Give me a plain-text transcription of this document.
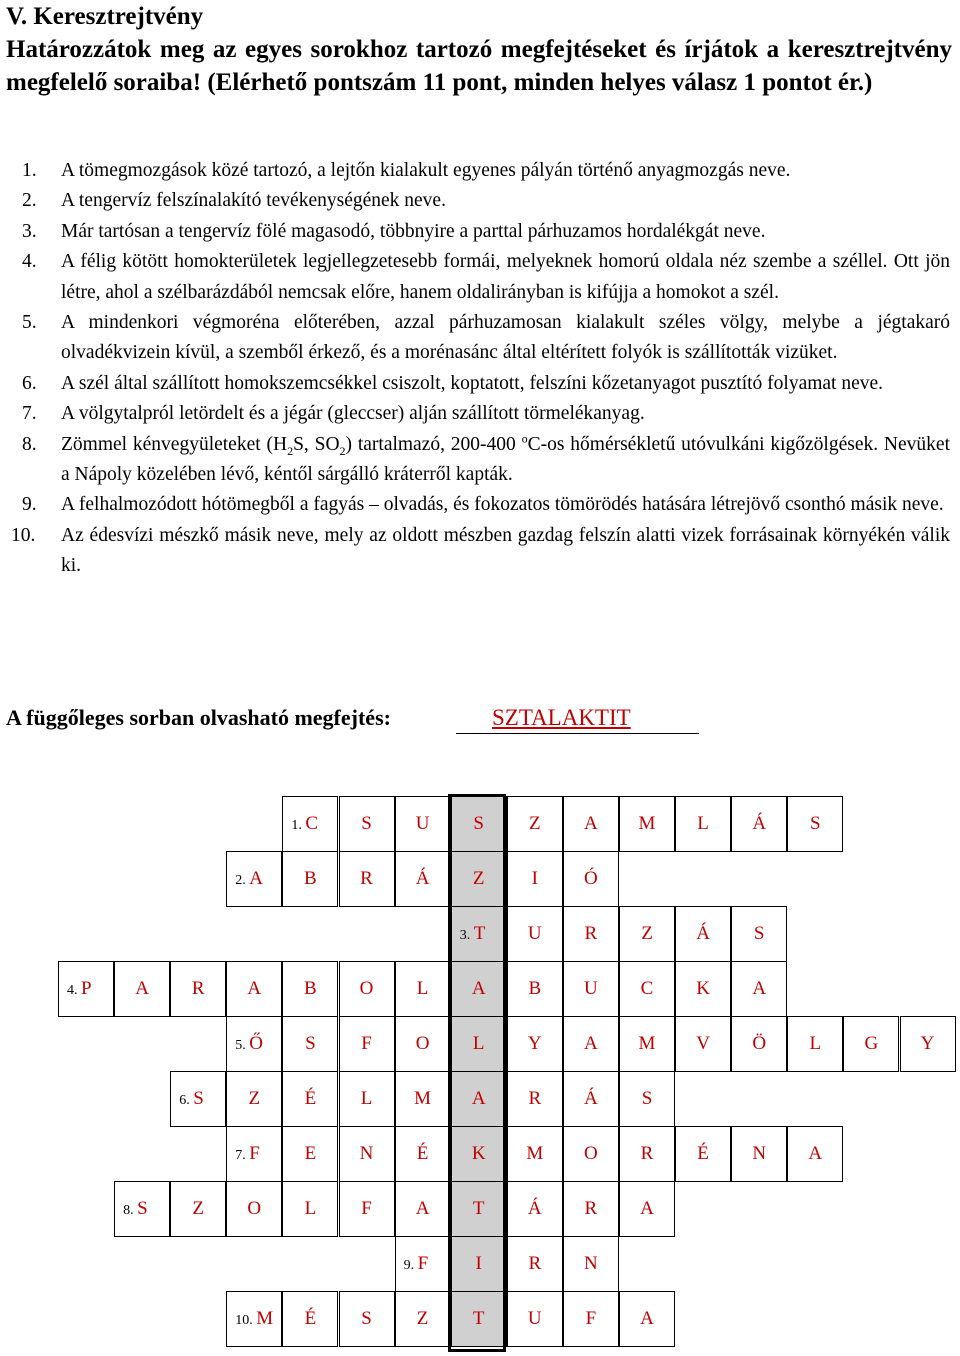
V. Keresztrejtvény
Határozzátok meg az egyes sorokhoz tartozó megfejtéseket és írjátok a keresztrejtvény megfelelő soraiba! (Elérhető pontszám 11 pont, minden helyes válasz 1 pontot ér.)
1.	A tömegmozgások közé tartozó, a lejtőn kialakult egyenes pályán történő anyagmozgás neve.
2.	A tengervíz felszínalakító tevékenységének neve.
3.	Már tartósan a tengervíz fölé magasodó, többnyire a parttal párhuzamos hordalékgát neve.
4.	A félig kötött homokterületek legjellegzetesebb formái, melyeknek homorú oldala néz szembe a széllel. Ott jön létre, ahol a szélbarázdából nemcsak előre, hanem oldalirányban is kifújja a homokot a szél.
5.	A mindenkori végmoréna előterében, azzal párhuzamosan kialakult széles völgy, melybe a jégtakaró olvadékvizein kívül, a szemből érkező, és a morénasánc által eltérített folyók is szállították vizüket.
6.	A szél által szállított homokszemcsékkel csiszolt, koptatott, felszíni kőzetanyagot pusztító folyamat neve.
7.	A völgytalpról letördelt és a jégár (gleccser) alján szállított törmelékanyag.
8.	Zömmel kénvegyületeket ($H_2S$, $SO_2$) tartalmazó, 200-400 $^o$C-os hőmérsékletű utóvulkáni kigőzölgések. Nevüket a Nápoly közelében lévő, kéntől sárgálló kráterről kapták.
9.	A felhalmozódott hótömegből a fagyás – olvadás, és fokozatos tömörödés hatására létrejövő csonthó másik neve.
10. Az édesvízi mészkő másik neve, mely az oldott mészben gazdag felszín alatti vizek forrásainak környékén válik ki.
A függőleges sorban olvasható megfejtés:	SZTALAKTIT
1. C	S	U	S	Z	A	M	L	Á	S
2. A	B	R	Á	Z	I	Ó
3. T	U	R	Z	Á	S
4. P	A	R	A	B	O	L	A	B	U	C	K	A
5. Ő	S	F	O	L	Y	A	M	V	Ö	L	G	Y
6. S	Z	É	L	M	A	R	Á	S
7. F	E	N	É	K	M	O	R	É	N	A
8. S	Z	O	L	F	A	T	Á	R	A
9. F	I	R	N
10. M	É	S	Z	T	U	F	A
